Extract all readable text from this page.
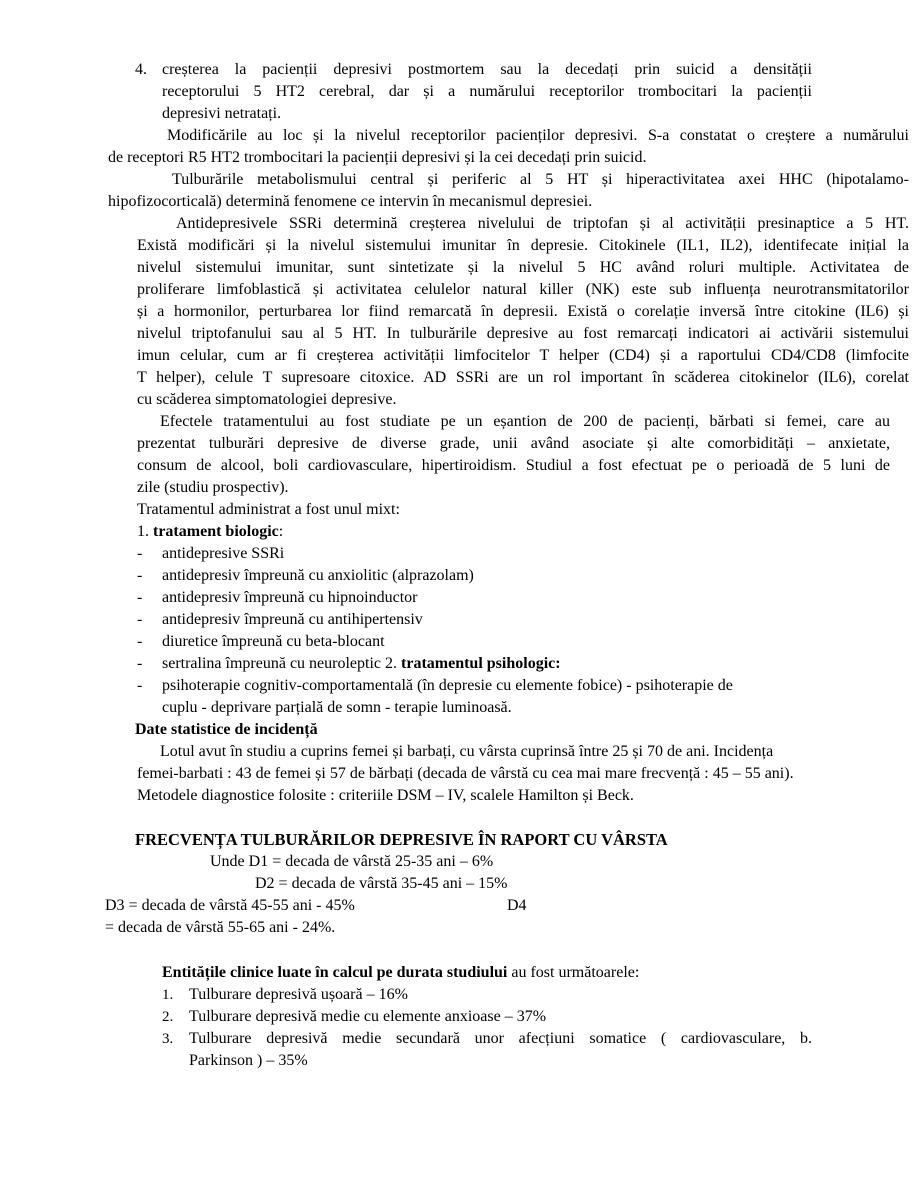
4. creșterea la pacienții depresivi postmortem sau la decedați prin suicid a densității
receptorului 5 HT2 cerebral, dar și a numărului receptorilor trombocitari la pacienții
depresivi netratați.
Modificările au loc și la nivelul receptorilor pacienților depresivi. S-a constatat o creștere a numărului
de receptori R5 HT2 trombocitari la pacienții depresivi și la cei decedați prin suicid.
Tulburările metabolismului central și periferic al 5 HT și hiperactivitatea axei HHC (hipotalamo-
hipofizocorticală) determină fenomene ce intervin în mecanismul depresiei.
Antidepresivele SSRi determină creșterea nivelului de triptofan și al activității presinaptice a 5 HT.
Există modificări și la nivelul sistemului imunitar în depresie. Citokinele (IL1, IL2), identifecate inițial la
nivelul sistemului imunitar, sunt sintetizate și la nivelul 5 HC având roluri multiple. Activitatea de
proliferare limfoblastică și activitatea celulelor natural killer (NK) este sub influența neurotransmitatorilor
și a hormonilor, perturbarea lor fiind remarcată în depresii. Există o corelație inversă între citokine (IL6) și
nivelul triptofanului sau al 5 HT. In tulburările depresive au fost remarcați indicatori ai activării sistemului
imun celular, cum ar fi creșterea activității limfocitelor T helper (CD4) și a raportului CD4/CD8 (limfocite
T helper), celule T supresoare citoxice. AD SSRi are un rol important în scăderea citokinelor (IL6), corelat
cu scăderea simptomatologiei depresive.
Efectele tratamentului au fost studiate pe un eșantion de 200 de pacienți, bărbati si femei, care au
prezentat tulburări depresive de diverse grade, unii având asociate și alte comorbidități – anxietate,
consum de alcool, boli cardiovasculare, hipertiroidism. Studiul a fost efectuat pe o perioadă de 5 luni de
zile (studiu prospectiv).
Tratamentul administrat a fost unul mixt:
1. tratament biologic:
- antidepresive SSRi
- antidepresiv împreună cu anxiolitic (alprazolam)
- antidepresiv împreună cu hipnoinductor
- antidepresiv împreună cu antihipertensiv
- diuretice împreună cu beta-blocant
- sertralina împreună cu neuroleptic 2. tratamentul psihologic:
- psihoterapie cognitiv-comportamentală (în depresie cu elemente fobice) - psihoterapie de
cuplu - deprivare parțială de somn - terapie luminoasă.
Date statistice de incidență
Lotul avut în studiu a cuprins femei și barbați, cu vârsta cuprinsă între 25 și 70 de ani. Incidența
femei-barbati : 43 de femei și 57 de bărbați (decada de vârstă cu cea mai mare frecvență : 45 – 55 ani).
Metodele diagnostice folosite : criteriile DSM – IV, scalele Hamilton și Beck.
FRECVENȚA TULBURĂRILOR DEPRESIVE ÎN RAPORT CU VÂRSTA
Unde D1 = decada de vârstă 25-35 ani – 6%
D2 = decada de vârstă 35-45 ani – 15%
D3 = decada de vârstă 45-55 ani - 45%	D4
= decada de vârstă 55-65 ani - 24%.
Entitățile clinice luate în calcul pe durata studiului au fost următoarele:
1. Tulburare depresivă ușoară – 16%
2. Tulburare depresivă medie cu elemente anxioase – 37%
3. Tulburare depresivă medie secundară unor afecțiuni somatice ( cardiovasculare, b.
Parkinson ) – 35%
